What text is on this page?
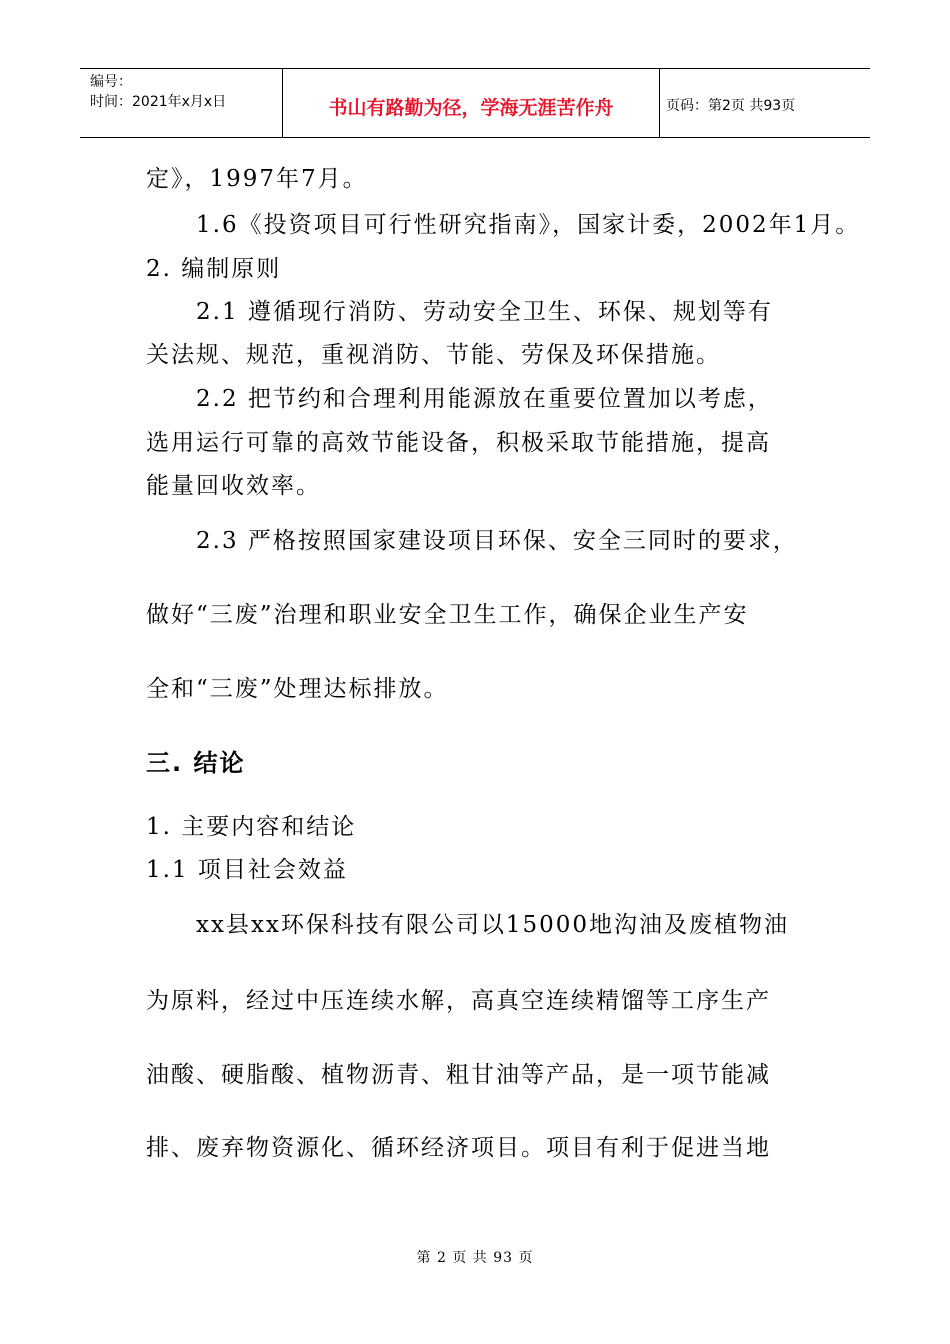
编号：
时间：2021年x月x日	书山有路勤为径，学海无涯苦作舟	页码：第2页 共93页
定》，1997年7月。
1.6《投资项目可行性研究指南》，国家计委，2002年1月。
2. 编制原则
2.1 遵循现行消防、劳动安全卫生、环保、规划等有
关法规、规范，重视消防、节能、劳保及环保措施。
2.2 把节约和合理利用能源放在重要位置加以考虑，
选用运行可靠的高效节能设备，积极采取节能措施，提高
能量回收效率。
2.3 严格按照国家建设项目环保、安全三同时的要求，
做好“三废”治理和职业安全卫生工作，确保企业生产安
全和“三废”处理达标排放。
三. 结论
1. 主要内容和结论
1.1 项目社会效益
xx县xx环保科技有限公司以15000地沟油及废植物油
为原料，经过中压连续水解，高真空连续精馏等工序生产
油酸、硬脂酸、植物沥青、粗甘油等产品，是一项节能减
排、废弃物资源化、循环经济项目。项目有利于促进当地
第 2 页 共 93 页
